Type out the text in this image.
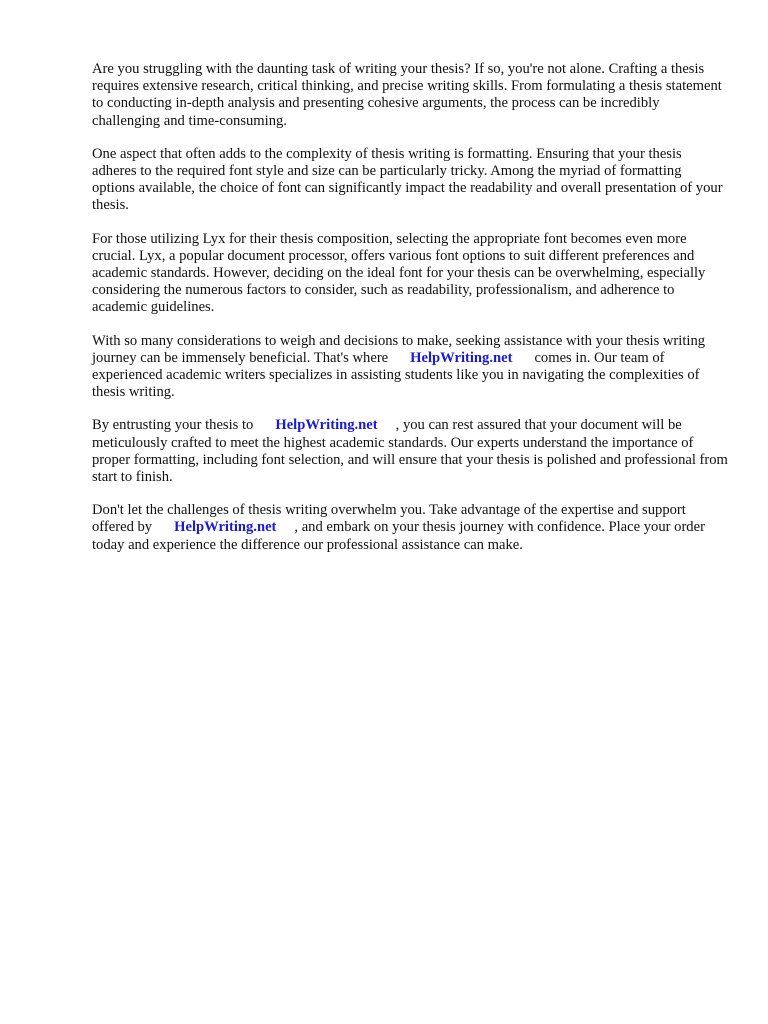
Are you struggling with the daunting task of writing your thesis? If so, you're not alone. Crafting a thesis requires extensive research, critical thinking, and precise writing skills. From formulating a thesis statement to conducting in-depth analysis and presenting cohesive arguments, the process can be incredibly challenging and time-consuming.

One aspect that often adds to the complexity of thesis writing is formatting. Ensuring that your thesis adheres to the required font style and size can be particularly tricky. Among the myriad of formatting options available, the choice of font can significantly impact the readability and overall presentation of your thesis.

For those utilizing Lyx for their thesis composition, selecting the appropriate font becomes even more crucial. Lyx, a popular document processor, offers various font options to suit different preferences and academic standards. However, deciding on the ideal font for your thesis can be overwhelming, especially considering the numerous factors to consider, such as readability, professionalism, and adherence to academic guidelines.

With so many considerations to weigh and decisions to make, seeking assistance with your thesis writing journey can be immensely beneficial. That's where HelpWriting.net comes in. Our team of experienced academic writers specializes in assisting students like you in navigating the complexities of thesis writing.

By entrusting your thesis to HelpWriting.net , you can rest assured that your document will be meticulously crafted to meet the highest academic standards. Our experts understand the importance of proper formatting, including font selection, and will ensure that your thesis is polished and professional from start to finish.

Don't let the challenges of thesis writing overwhelm you. Take advantage of the expertise and support offered by HelpWriting.net , and embark on your thesis journey with confidence. Place your order today and experience the difference our professional assistance can make.
